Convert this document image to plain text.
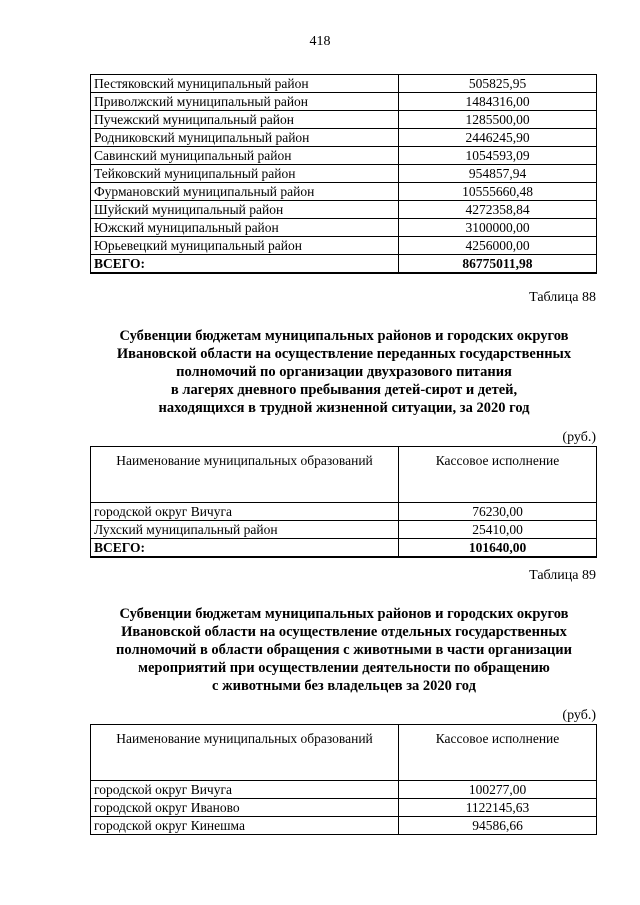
418
Пестяковский муниципальный район	505825,95
Приволжский муниципальный район	1484316,00
Пучежский муниципальный район	1285500,00
Родниковский муниципальный район	2446245,90
Савинский муниципальный район	1054593,09
Тейковский муниципальный район	954857,94
Фурмановский муниципальный район	10555660,48
Шуйский муниципальный район	4272358,84
Южский муниципальный район	3100000,00
Юрьевецкий муниципальный район	4256000,00
ВСЕГО:	86775011,98
Таблица 88
Субвенции бюджетам муниципальных районов и городских округов
Ивановской области на осуществление переданных государственных
полномочий по организации двухразового питания
в лагерях дневного пребывания детей-сирот и детей,
находящихся в трудной жизненной ситуации, за 2020 год
(руб.)
Наименование муниципальных образований	Кассовое исполнение
городской округ Вичуга	76230,00
Лухский муниципальный район	25410,00
ВСЕГО:	101640,00
Таблица 89
Субвенции бюджетам муниципальных районов и городских округов
Ивановской области на осуществление отдельных государственных
полномочий в области обращения с животными в части организации
мероприятий при осуществлении деятельности по обращению
с животными без владельцев за 2020 год
(руб.)
Наименование муниципальных образований	Кассовое исполнение
городской округ Вичуга	100277,00
городской округ Иваново	1122145,63
городской округ Кинешма	94586,66
